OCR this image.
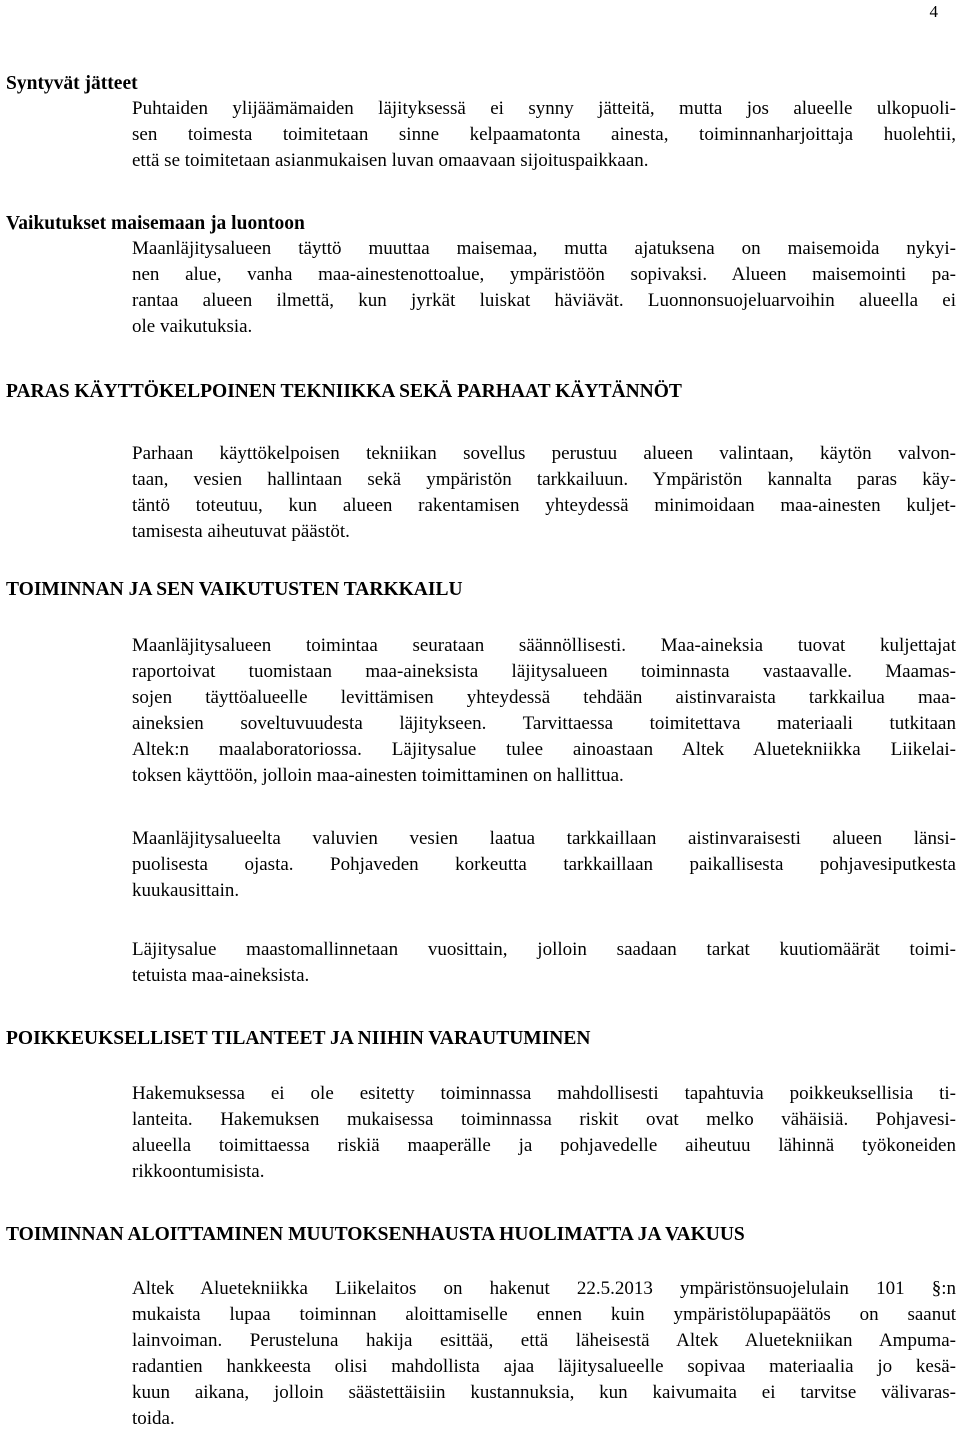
4
Syntyvät jätteet
Puhtaiden ylijäämämaiden läjityksessä ei synny jätteitä, mutta jos alueelle ulkopuoli-
sen toimesta toimitetaan sinne kelpaamatonta ainesta, toiminnanharjoittaja huolehtii,
että se toimitetaan asianmukaisen luvan omaavaan sijoituspaikkaan.
Vaikutukset maisemaan ja luontoon
Maanläjitysalueen täyttö muuttaa maisemaa, mutta ajatuksena on maisemoida nykyi-
nen alue, vanha maa-ainestenottoalue, ympäristöön sopivaksi. Alueen maisemointi pa-
rantaa alueen ilmettä, kun jyrkät luiskat häviävät. Luonnonsuojeluarvoihin alueella ei
ole vaikutuksia.
PARAS KÄYTTÖKELPOINEN TEKNIIKKA SEKÄ PARHAAT KÄYTÄNNÖT
Parhaan käyttökelpoisen tekniikan sovellus perustuu alueen valintaan, käytön valvon-
taan, vesien hallintaan sekä ympäristön tarkkailuun. Ympäristön kannalta paras käy-
täntö toteutuu, kun alueen rakentamisen yhteydessä minimoidaan maa-ainesten kuljet-
tamisesta aiheutuvat päästöt.
TOIMINNAN JA SEN VAIKUTUSTEN TARKKAILU
Maanläjitysalueen toimintaa seurataan säännöllisesti. Maa-aineksia tuovat kuljettajat
raportoivat tuomistaan maa-aineksista läjitysalueen toiminnasta vastaavalle. Maamas-
sojen täyttöalueelle levittämisen yhteydessä tehdään aistinvaraista tarkkailua maa-
aineksien soveltuvuudesta läjitykseen. Tarvittaessa toimitettava materiaali tutkitaan
Altek:n maalaboratoriossa. Läjitysalue tulee ainoastaan Altek Aluetekniikka Liikelai-
toksen käyttöön, jolloin maa-ainesten toimittaminen on hallittua.
Maanläjitysalueelta valuvien vesien laatua tarkkaillaan aistinvaraisesti alueen länsi-
puolisesta ojasta. Pohjaveden korkeutta tarkkaillaan paikallisesta pohjavesiputkesta
kuukausittain.
Läjitysalue maastomallinnetaan vuosittain, jolloin saadaan tarkat kuutiomäärät toimi-
tetuista maa-aineksista.
POIKKEUKSELLISET TILANTEET JA NIIHIN VARAUTUMINEN
Hakemuksessa ei ole esitetty toiminnassa mahdollisesti tapahtuvia poikkeuksellisia ti-
lanteita. Hakemuksen mukaisessa toiminnassa riskit ovat melko vähäisiä. Pohjavesi-
alueella toimittaessa riskiä maaperälle ja pohjavedelle aiheutuu lähinnä työkoneiden
rikkoontumisista.
TOIMINNAN ALOITTAMINEN MUUTOKSENHAUSTA HUOLIMATTA JA VAKUUS
Altek Aluetekniikka Liikelaitos on hakenut 22.5.2013 ympäristönsuojelulain 101 §:n
mukaista lupaa toiminnan aloittamiselle ennen kuin ympäristölupapäätös on saanut
lainvoiman. Perusteluna hakija esittää, että läheisestä Altek Aluetekniikan Ampuma-
radantien hankkeesta olisi mahdollista ajaa läjitysalueelle sopivaa materiaalia jo kesä-
kuun aikana, jolloin säästettäisiin kustannuksia, kun kaivumaita ei tarvitse välivaras-
toida.
